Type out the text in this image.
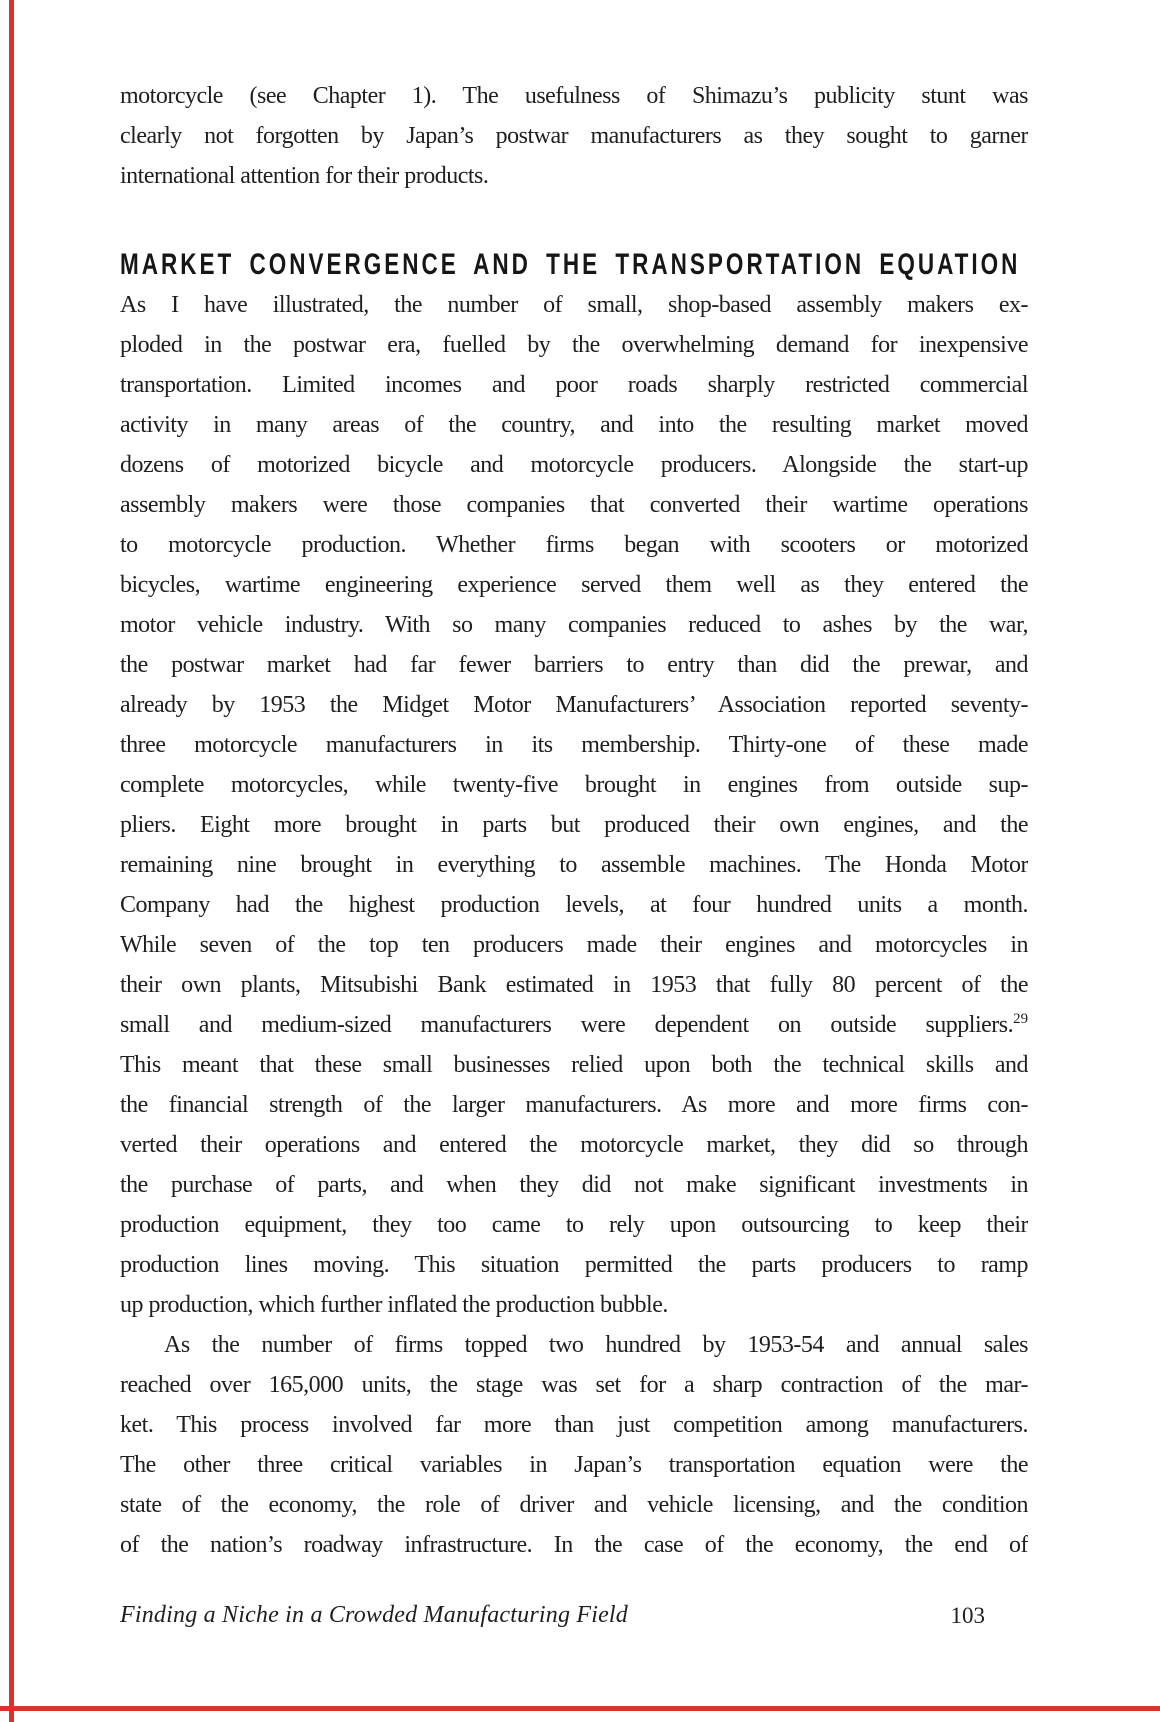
motorcycle (see Chapter 1). The usefulness of Shimazu’s publicity stunt was
clearly not forgotten by Japan’s postwar manufacturers as they sought to garner
international attention for their products.
MARKET CONVERGENCE AND THE TRANSPORTATION EQUATION
As I have illustrated, the number of small, shop-based assembly makers ex-
ploded in the postwar era, fuelled by the overwhelming demand for inexpensive
transportation. Limited incomes and poor roads sharply restricted commercial
activity in many areas of the country, and into the resulting market moved
dozens of motorized bicycle and motorcycle producers. Alongside the start-up
assembly makers were those companies that converted their wartime operations
to motorcycle production. Whether firms began with scooters or motorized
bicycles, wartime engineering experience served them well as they entered the
motor vehicle industry. With so many companies reduced to ashes by the war,
the postwar market had far fewer barriers to entry than did the prewar, and
already by 1953 the Midget Motor Manufacturers’ Association reported seventy-
three motorcycle manufacturers in its membership. Thirty-one of these made
complete motorcycles, while twenty-five brought in engines from outside sup-
pliers. Eight more brought in parts but produced their own engines, and the
remaining nine brought in everything to assemble machines. The Honda Motor
Company had the highest production levels, at four hundred units a month.
While seven of the top ten producers made their engines and motorcycles in
their own plants, Mitsubishi Bank estimated in 1953 that fully 80 percent of the
small and medium-sized manufacturers were dependent on outside suppliers.$^{29}$
This meant that these small businesses relied upon both the technical skills and
the financial strength of the larger manufacturers. As more and more firms con-
verted their operations and entered the motorcycle market, they did so through
the purchase of parts, and when they did not make significant investments in
production equipment, they too came to rely upon outsourcing to keep their
production lines moving. This situation permitted the parts producers to ramp
up production, which further inflated the production bubble.
As the number of firms topped two hundred by 1953-54 and annual sales
reached over 165,000 units, the stage was set for a sharp contraction of the mar-
ket. This process involved far more than just competition among manufacturers.
The other three critical variables in Japan’s transportation equation were the
state of the economy, the role of driver and vehicle licensing, and the condition
of the nation’s roadway infrastructure. In the case of the economy, the end of
Finding a Niche in a Crowded Manufacturing Field	103
